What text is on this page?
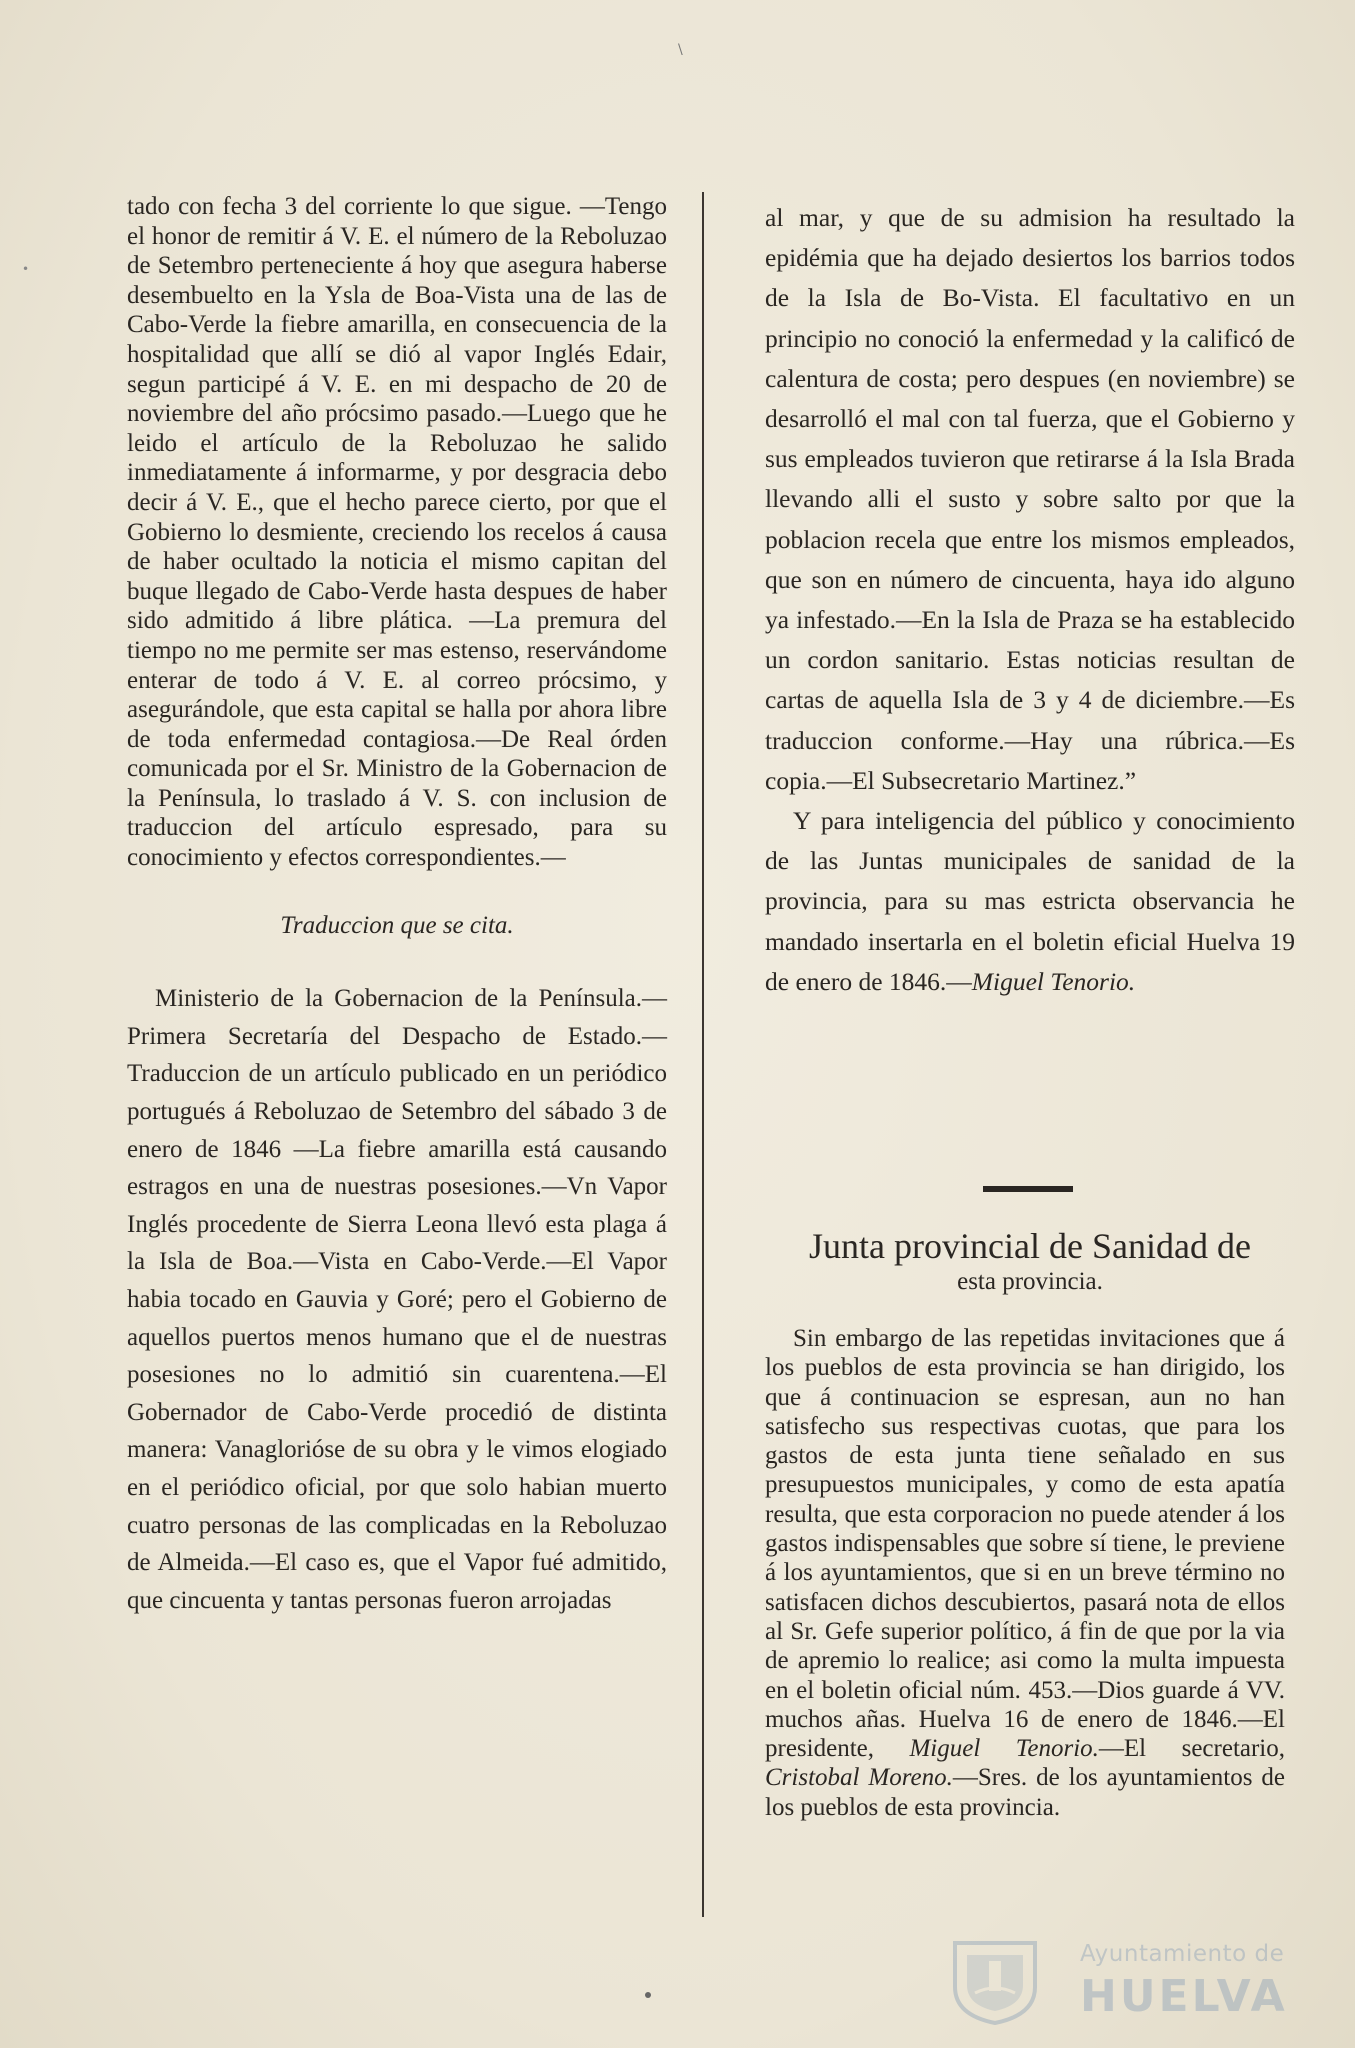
\
•

tado con fecha 3 del corriente lo que sigue. —Tengo el honor de remitir á V. E. el número de la Reboluzao de Setembro perteneciente á hoy que asegura haberse desembuelto en la Ysla de Boa-Vista una de las de Cabo-Verde la fiebre amarilla, en consecuencia de la hospitalidad que allí se dió al vapor Inglés Edair, segun participé á V. E. en mi despacho de 20 de noviembre del año prócsimo pasado.—Luego que he leido el artículo de la Reboluzao he salido inmediatamente á informarme, y por desgracia debo decir á V. E., que el hecho parece cierto, por que el Gobierno lo desmiente, creciendo los recelos á causa de haber ocultado la noticia el mismo capitan del buque llegado de Cabo-Verde hasta despues de haber sido admitido á libre plática. —La premura del tiempo no me permite ser mas estenso, reservándome enterar de todo á V. E. al correo prócsimo, y asegurándole, que esta capital se halla por ahora libre de toda enfermedad contagiosa.—De Real órden comunicada por el Sr. Ministro de la Gobernacion de la Península, lo traslado á V. S. con inclusion de traduccion del artículo espresado, para su conocimiento y efectos correspondientes.—

Traduccion que se cita.

Ministerio de la Gobernacion de la Península.—Primera Secretaría del Despacho de Estado.—Traduccion de un artículo publicado en un periódico portugués á Reboluzao de Setembro del sábado 3 de enero de 1846 —La fiebre amarilla está causando estragos en una de nuestras posesiones.—Vn Vapor Inglés procedente de Sierra Leona llevó esta plaga á la Isla de Boa.—Vista en Cabo-Verde.—El Vapor habia tocado en Gauvia y Goré; pero el Gobierno de aquellos puertos menos humano que el de nuestras posesiones no lo admitió sin cuarentena.—El Gobernador de Cabo-Verde procedió de distinta manera: Vanaglorióse de su obra y le vimos elogiado en el periódico oficial, por que solo habian muerto cuatro personas de las complicadas en la Reboluzao de Almeida.—El caso es, que el Vapor fué admitido, que cincuenta y tantas personas fueron arrojadas

al mar, y que de su admision ha resultado la epidémia que ha dejado desiertos los barrios todos de la Isla de Bo-Vista. El facultativo en un principio no conoció la enfermedad y la calificó de calentura de costa; pero despues (en noviembre) se desarrolló el mal con tal fuerza, que el Gobierno y sus empleados tuvieron que retirarse á la Isla Brada llevando alli el susto y sobre salto por que la poblacion recela que entre los mismos empleados, que son en número de cincuenta, haya ido alguno ya infestado.—En la Isla de Praza se ha establecido un cordon sanitario. Estas noticias resultan de cartas de aquella Isla de 3 y 4 de diciembre.—Es traduccion conforme.—Hay una rúbrica.—Es copia.—El Subsecretario Martinez.”

Y para inteligencia del público y conocimiento de las Juntas municipales de sanidad de la provincia, para su mas estricta observancia he mandado insertarla en el boletin eficial Huelva 19 de enero de 1846.—Miguel Tenorio.

Junta provincial de Sanidad de
esta provincia.

Sin embargo de las repetidas invitaciones que á los pueblos de esta provincia se han dirigido, los que á continuacion se espresan, aun no han satisfecho sus respectivas cuotas, que para los gastos de esta junta tiene señalado en sus presupuestos municipales, y como de esta apatía resulta, que esta corporacion no puede atender á los gastos indispensables que sobre sí tiene, le previene á los ayuntamientos, que si en un breve término no satisfacen dichos descubiertos, pasará nota de ellos al Sr. Gefe superior político, á fin de que por la via de apremio lo realice; asi como la multa impuesta en el boletin oficial núm. 453.—Dios guarde á VV. muchos añas. Huelva 16 de enero de 1846.—El presidente, Miguel Tenorio.—El secretario, Cristobal Moreno.—Sres. de los ayuntamientos de los pueblos de esta provincia.

Ayuntamiento de
HUELVA
